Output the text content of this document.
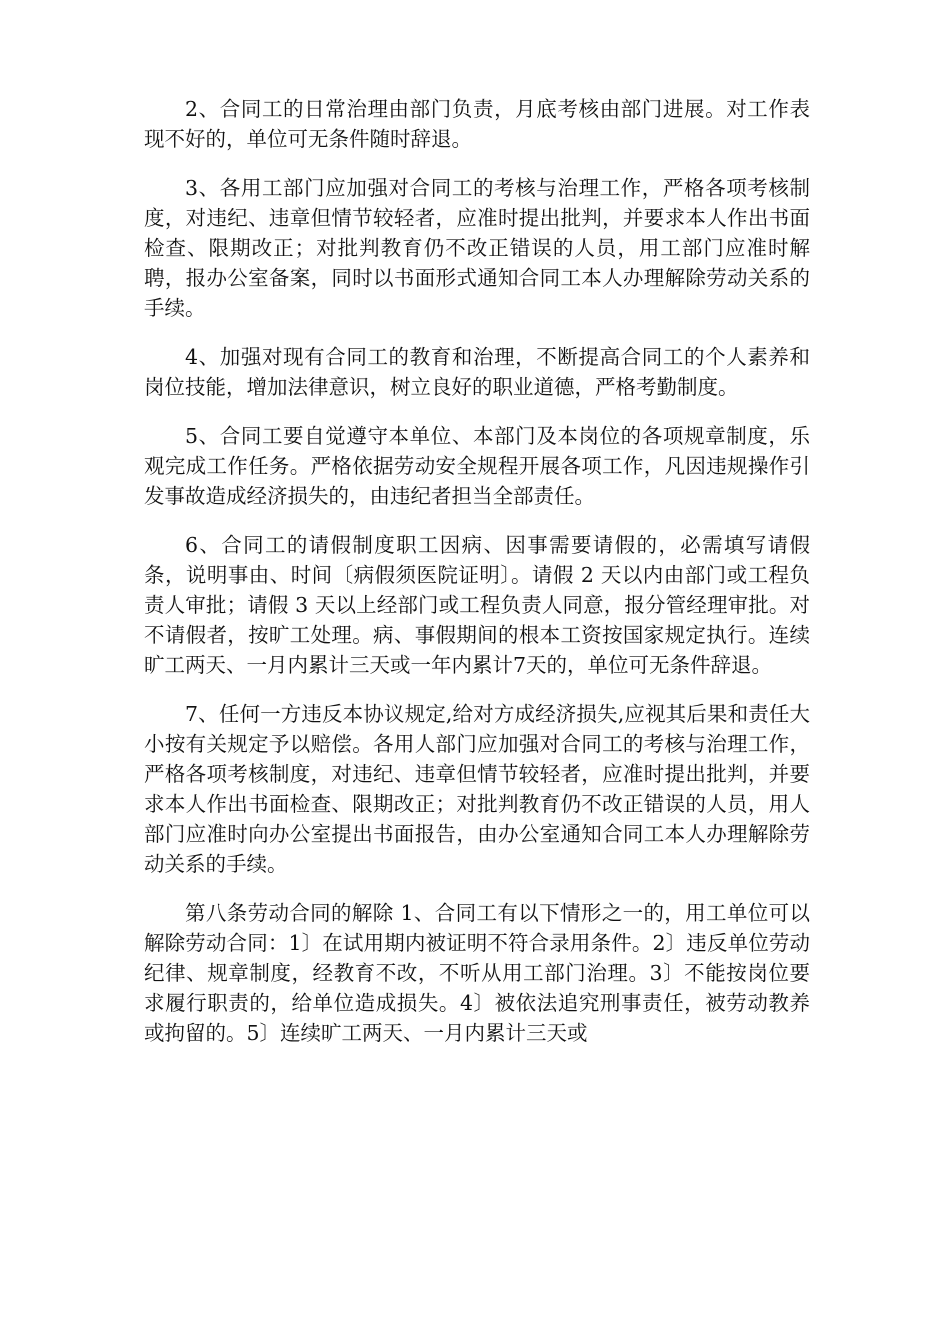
2、合同工的日常治理由部门负责，月底考核由部门进展。对工作表现不好的，单位可无条件随时辞退。

3、各用工部门应加强对合同工的考核与治理工作，严格各项考核制度，对违纪、违章但情节较轻者，应准时提出批判，并要求本人作出书面检查、限期改正；对批判教育仍不改正错误的人员，用工部门应准时解聘，报办公室备案，同时以书面形式通知合同工本人办理解除劳动关系的手续。

4、加强对现有合同工的教育和治理，不断提高合同工的个人素养和岗位技能，增加法律意识，树立良好的职业道德，严格考勤制度。

5、合同工要自觉遵守本单位、本部门及本岗位的各项规章制度，乐观完成工作任务。严格依据劳动安全规程开展各项工作，凡因违规操作引发事故造成经济损失的，由违纪者担当全部责任。

6、合同工的请假制度职工因病、因事需要请假的，必需填写请假条，说明事由、时间〔病假须医院证明〕。请假 2 天以内由部门或工程负责人审批；请假 3 天以上经部门或工程负责人同意，报分管经理审批。对不请假者，按旷工处理。病、事假期间的根本工资按国家规定执行。连续旷工两天、一月内累计三天或一年内累计7天的，单位可无条件辞退。

7、任何一方违反本协议规定,给对方成经济损失,应视其后果和责任大小按有关规定予以赔偿。各用人部门应加强对合同工的考核与治理工作，严格各项考核制度，对违纪、违章但情节较轻者，应准时提出批判，并要求本人作出书面检查、限期改正；对批判教育仍不改正错误的人员，用人部门应准时向办公室提出书面报告，由办公室通知合同工本人办理解除劳动关系的手续。

第八条劳动合同的解除 1、合同工有以下情形之一的，用工单位可以解除劳动合同：1〕在试用期内被证明不符合录用条件。2〕违反单位劳动纪律、规章制度，经教育不改，不听从用工部门治理。3〕不能按岗位要求履行职责的，给单位造成损失。4〕被依法追究刑事责任，被劳动教养或拘留的。5〕连续旷工两天、一月内累计三天或
